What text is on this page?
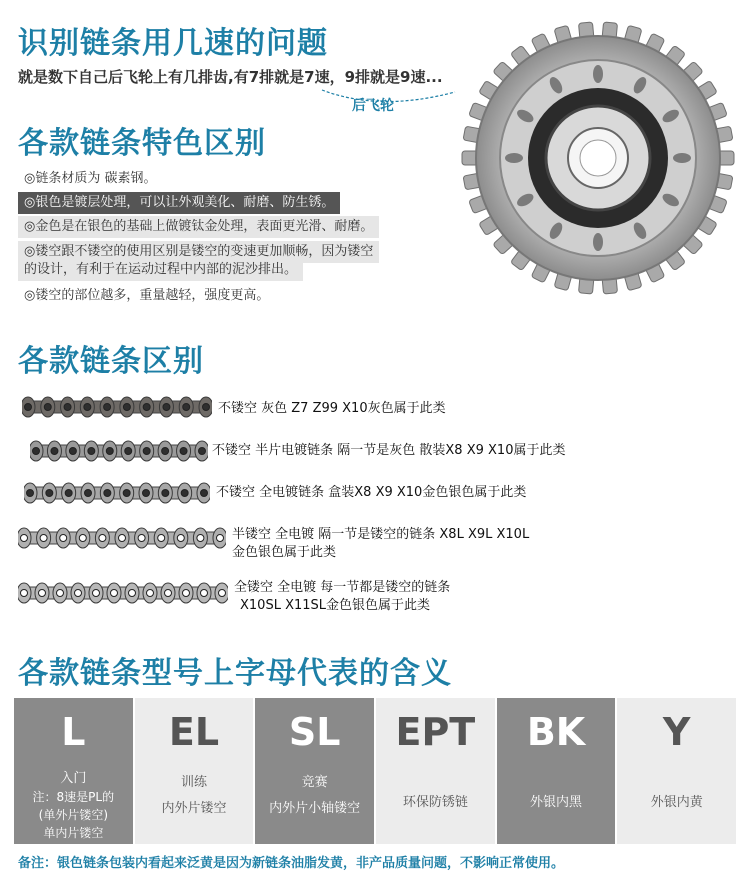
识别链条用几速的问题
就是数下自己后飞轮上有几排齿,有7排就是7速，9排就是9速...
后飞轮
各款链条特色区别
◎链条材质为 碳素钢。
◎银色是镀层处理，可以让外观美化、耐磨、防生锈。
◎金色是在银色的基础上做镀钛金处理，表面更光滑、耐磨。
◎镂空跟不镂空的使用区别是镂空的变速更加顺畅，因为镂空
的设计，有利于在运动过程中内部的泥沙排出。
◎镂空的部位越多，重量越轻，强度更高。
各款链条区别
不镂空 灰色 Z7 Z99 X10灰色属于此类
不镂空 半片电镀链条 隔一节是灰色 散装X8 X9 X10属于此类
不镂空 全电镀链条 盒装X8 X9 X10金色银色属于此类
半镂空 全电镀 隔一节是镂空的链条 X8L X9L X10L
金色银色属于此类
全镂空 全电镀 每一节都是镂空的链条
X10SL X11SL金色银色属于此类
各款链条型号上字母代表的含义
L
入门
注：8速是PL的
(单外片镂空)
单内片镂空
EL
训练
内外片镂空
SL
竞赛
内外片小轴镂空
EPT
环保防锈链
BK
外银内黑
Y
外银内黄
备注：银色链条包装内看起来泛黄是因为新链条油脂发黄，非产品质量问题，不影响正常使用。
